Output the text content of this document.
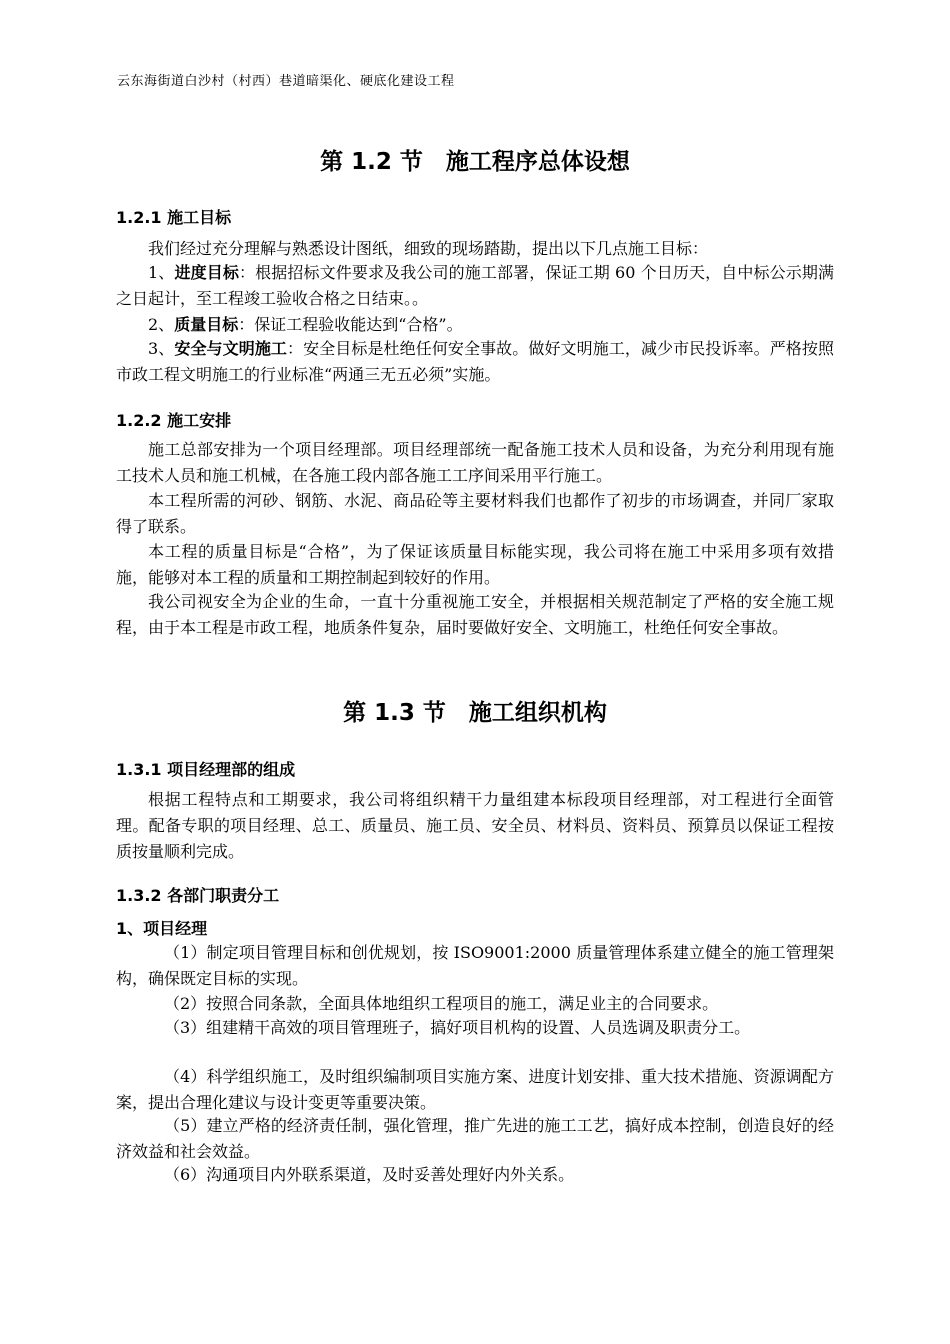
云东海街道白沙村（村西）巷道暗渠化、硬底化建设工程
第 1.2 节　施工程序总体设想
1.2.1 施工目标
我们经过充分理解与熟悉设计图纸，细致的现场踏勘，提出以下几点施工目标：
1、进度目标：根据招标文件要求及我公司的施工部署，保证工期 60 个日历天，自中标公示期满之日起计，至工程竣工验收合格之日结束。。
2、质量目标：保证工程验收能达到“合格”。
3、安全与文明施工：安全目标是杜绝任何安全事故。做好文明施工，减少市民投诉率。严格按照市政工程文明施工的行业标准“两通三无五必须”实施。
1.2.2 施工安排
施工总部安排为一个项目经理部。项目经理部统一配备施工技术人员和设备，为充分利用现有施工技术人员和施工机械，在各施工段内部各施工工序间采用平行施工。
本工程所需的河砂、钢筋、水泥、商品砼等主要材料我们也都作了初步的市场调查，并同厂家取得了联系。
本工程的质量目标是“合格”，为了保证该质量目标能实现，我公司将在施工中采用多项有效措施，能够对本工程的质量和工期控制起到较好的作用。
我公司视安全为企业的生命，一直十分重视施工安全，并根据相关规范制定了严格的安全施工规程，由于本工程是市政工程，地质条件复杂，届时要做好安全、文明施工，杜绝任何安全事故。
第 1.3 节　施工组织机构
1.3.1 项目经理部的组成
根据工程特点和工期要求，我公司将组织精干力量组建本标段项目经理部，对工程进行全面管理。配备专职的项目经理、总工、质量员、施工员、安全员、材料员、资料员、预算员以保证工程按质按量顺利完成。
1.3.2 各部门职责分工
1、项目经理
（1）制定项目管理目标和创优规划，按 ISO9001:2000 质量管理体系建立健全的施工管理架构，确保既定目标的实现。
（2）按照合同条款，全面具体地组织工程项目的施工，满足业主的合同要求。
（3）组建精干高效的项目管理班子，搞好项目机构的设置、人员选调及职责分工。
（4）科学组织施工，及时组织编制项目实施方案、进度计划安排、重大技术措施、资源调配方案，提出合理化建议与设计变更等重要决策。
（5）建立严格的经济责任制，强化管理，推广先进的施工工艺，搞好成本控制，创造良好的经济效益和社会效益。
（6）沟通项目内外联系渠道，及时妥善处理好内外关系。
